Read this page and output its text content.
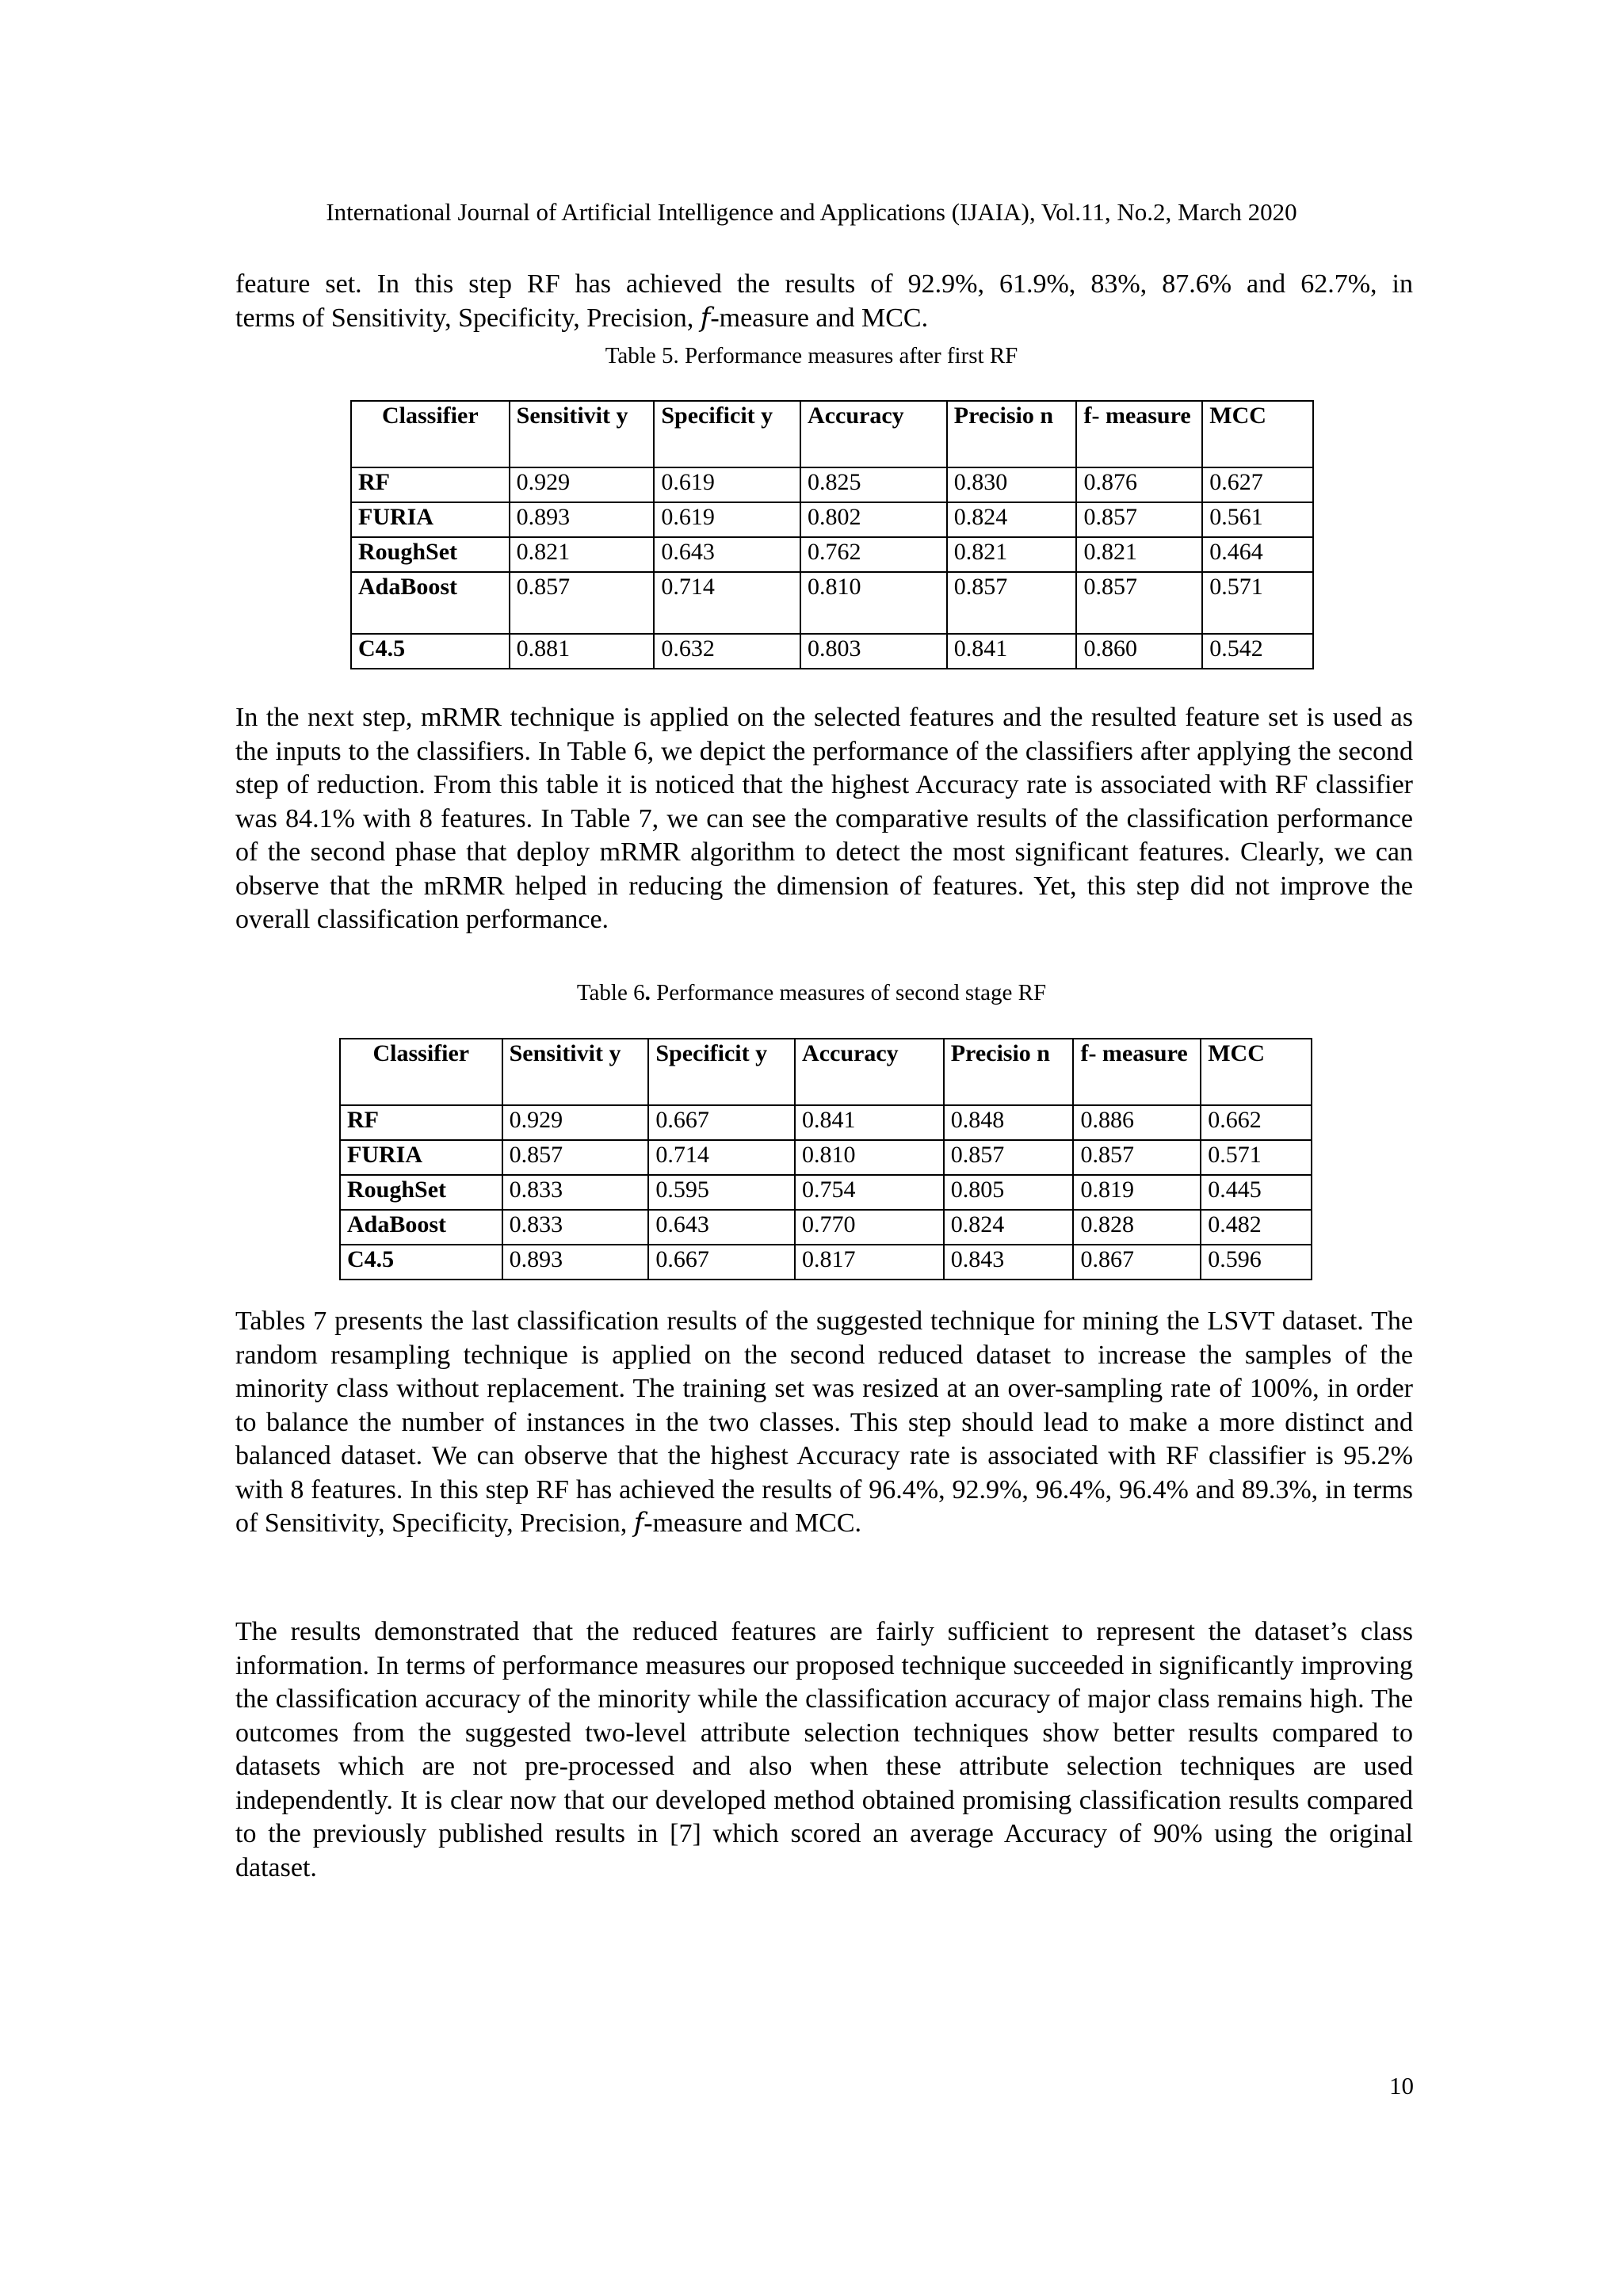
International Journal of Artificial Intelligence and Applications (IJAIA), Vol.11, No.2, March 2020
feature set. In this step RF has achieved the results of 92.9%, 61.9%, 83%, 87.6% and 62.7%, in
terms of Sensitivity, Specificity, Precision, 𝑓-measure and MCC.
Table 5. Performance measures after first RF
Classifier	Sensitivit y	Specificit y	Accuracy	Precisio n	f- measure	MCC
RF	0.929	0.619	0.825	0.830	0.876	0.627
FURIA	0.893	0.619	0.802	0.824	0.857	0.561
RoughSet	0.821	0.643	0.762	0.821	0.821	0.464
AdaBoost	0.857	0.714	0.810	0.857	0.857	0.571
C4.5	0.881	0.632	0.803	0.841	0.860	0.542
In the next step, mRMR technique is applied on the selected features and the resulted feature set is used as the inputs to the classifiers. In Table 6, we depict the performance of the classifiers after applying the second step of reduction. From this table it is noticed that the highest Accuracy rate is associated with RF classifier was 84.1% with 8 features. In Table 7, we can see the comparative results of the classification performance of the second phase that deploy mRMR algorithm to detect the most significant features. Clearly, we can observe that the mRMR helped in reducing the dimension of features. Yet, this step did not improve the overall classification performance.
Table 6. Performance measures of second stage RF
Classifier	Sensitivit y	Specificit y	Accuracy	Precisio n	f- measure	MCC
RF	0.929	0.667	0.841	0.848	0.886	0.662
FURIA	0.857	0.714	0.810	0.857	0.857	0.571
RoughSet	0.833	0.595	0.754	0.805	0.819	0.445
AdaBoost	0.833	0.643	0.770	0.824	0.828	0.482
C4.5	0.893	0.667	0.817	0.843	0.867	0.596
Tables 7 presents the last classification results of the suggested technique for mining the LSVT dataset. The random resampling technique is applied on the second reduced dataset to increase the samples of the minority class without replacement. The training set was resized at an over-sampling rate of 100%, in order to balance the number of instances in the two classes. This step should lead to make a more distinct and balanced dataset. We can observe that the highest Accuracy rate is associated with RF classifier is 95.2% with 8 features. In this step RF has achieved the results of 96.4%, 92.9%, 96.4%, 96.4% and 89.3%, in terms of Sensitivity, Specificity, Precision, 𝑓-measure and MCC.
The results demonstrated that the reduced features are fairly sufficient to represent the dataset’s class information. In terms of performance measures our proposed technique succeeded in significantly improving the classification accuracy of the minority while the classification accuracy of major class remains high. The outcomes from the suggested two-level attribute selection techniques show better results compared to datasets which are not pre-processed and also when these attribute selection techniques are used independently. It is clear now that our developed method obtained promising classification results compared to the previously published results in [7] which scored an average Accuracy of 90% using the original dataset.
10
